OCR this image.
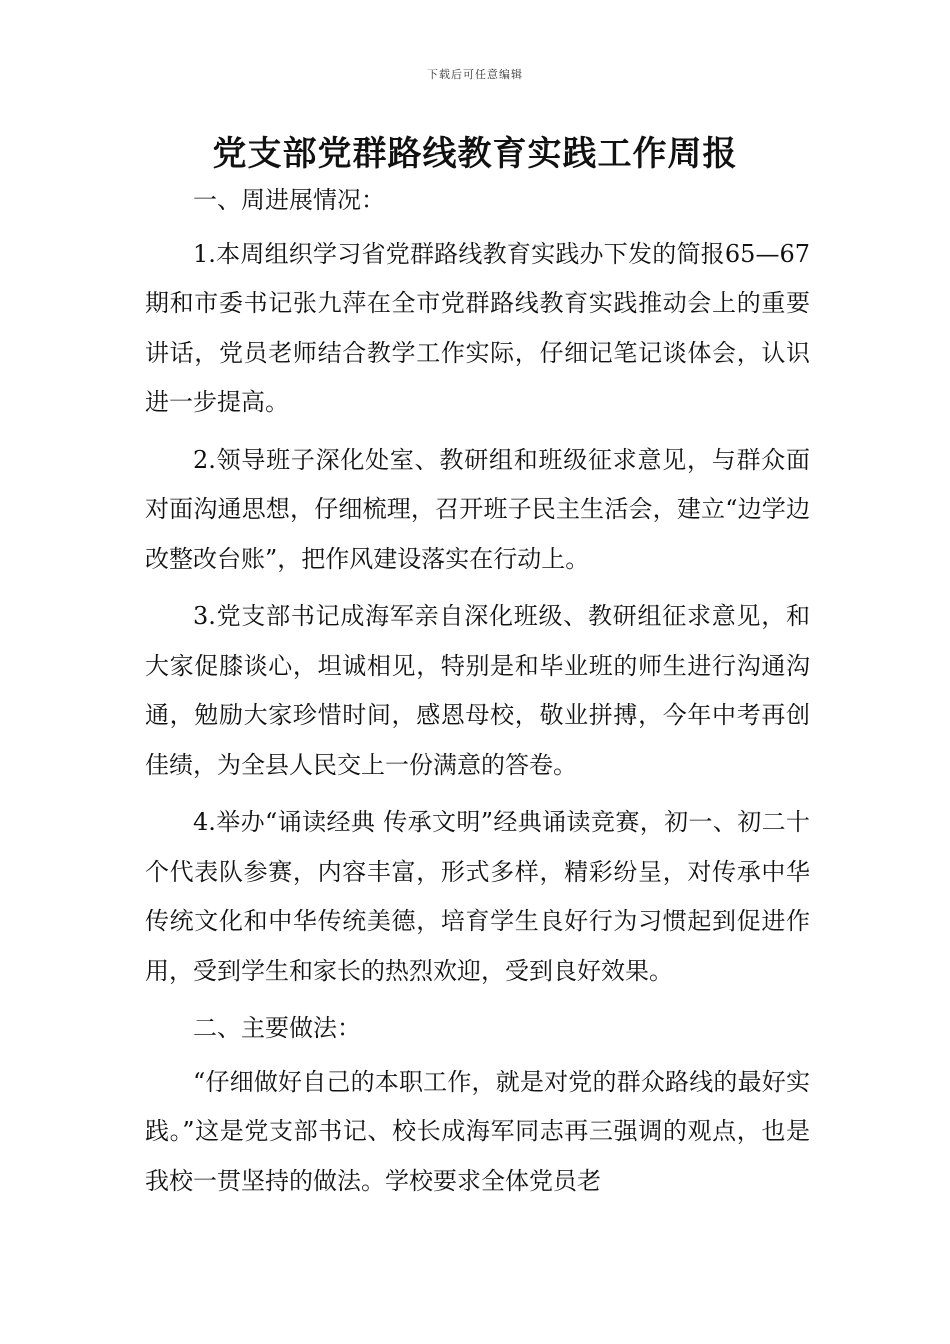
下载后可任意编辑
党支部党群路线教育实践工作周报

一、周进展情况：

1.本周组织学习省党群路线教育实践办下发的简报65—67期和市委书记张九萍在全市党群路线教育实践推动会上的重要讲话，党员老师结合教学工作实际，仔细记笔记谈体会，认识进一步提高。

2.领导班子深化处室、教研组和班级征求意见，与群众面对面沟通思想，仔细梳理，召开班子民主生活会，建立“边学边改整改台账”，把作风建设落实在行动上。

3.党支部书记成海军亲自深化班级、教研组征求意见，和大家促膝谈心，坦诚相见，特别是和毕业班的师生进行沟通沟通，勉励大家珍惜时间，感恩母校，敬业拼搏，今年中考再创佳绩，为全县人民交上一份满意的答卷。

4.举办“诵读经典 传承文明”经典诵读竞赛，初一、初二十个代表队参赛，内容丰富，形式多样，精彩纷呈，对传承中华传统文化和中华传统美德，培育学生良好行为习惯起到促进作用，受到学生和家长的热烈欢迎，受到良好效果。

二、主要做法：

“仔细做好自己的本职工作，就是对党的群众路线的最好实践。”这是党支部书记、校长成海军同志再三强调的观点，也是我校一贯坚持的做法。学校要求全体党员老
